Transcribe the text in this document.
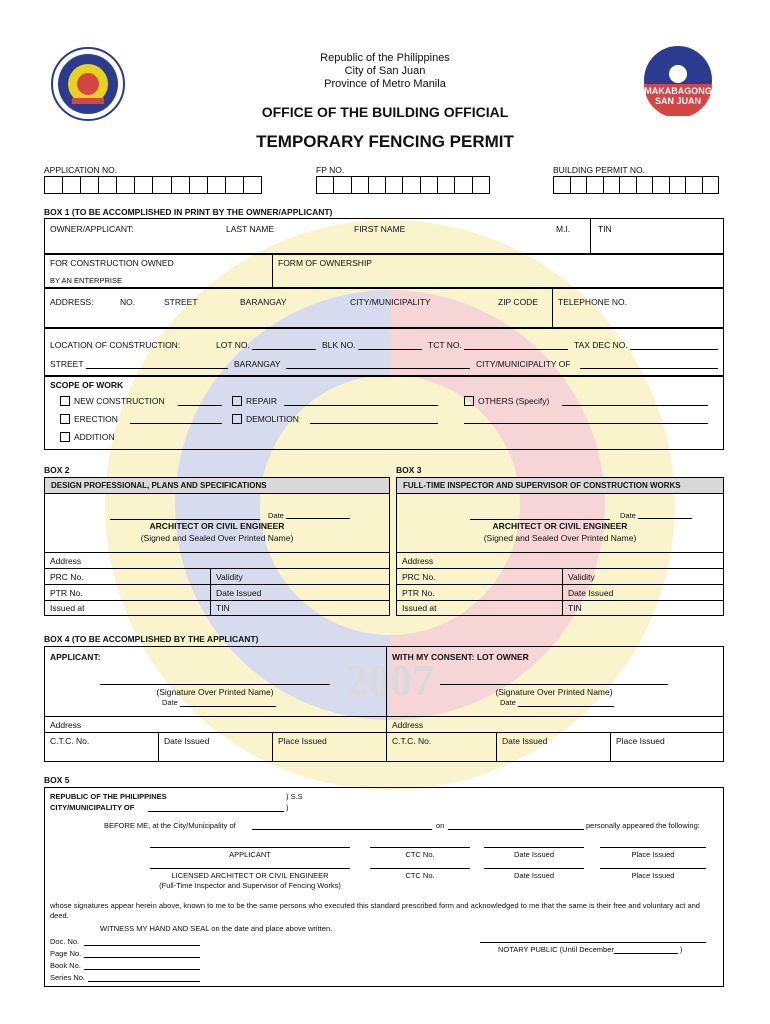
2007
MAKABAGONG
SAN JUAN
Republic of the Philippines
City of San Juan
Province of Metro Manila
OFFICE OF THE BUILDING OFFICIAL
TEMPORARY FENCING PERMIT
APPLICATION NO.	FP NO.	BUILDING PERMIT NO.
BOX 1 (TO BE ACCOMPLISHED IN PRINT BY THE OWNER/APPLICANT)
OWNER/APPLICANT:	LAST NAME	FIRST NAME	M.I.	TIN
FOR CONSTRUCTION OWNED
BY AN ENTERPRISE
FORM OF OWNERSHIP
ADDRESS:	NO.	STREET	BARANGAY	CITY/MUNICIPALITY	ZIP CODE TELEPHONE NO.
LOCATION OF CONSTRUCTION:	LOT NO.	BLK NO.	TCT NO.	TAX DEC NO.
STREET	BARANGAY	CITY/MUNICIPALITY OF
SCOPE OF WORK
NEW CONSTRUCTION
ERECTION
ADDITION
REPAIR
DEMOLITION
OTHERS (Specify)
BOX 2
DESIGN PROFESSIONAL, PLANS AND SPECIFICATIONS
Date
ARCHITECT OR CIVIL ENGINEER
(Signed and Sealed Over Printed Name)
Address
PRC No.	Validity
PTR No.	Date Issued
Issued at	TIN
BOX 3
FULL-TIME INSPECTOR AND SUPERVISOR OF CONSTRUCTION WORKS
Date
ARCHITECT OR CIVIL ENGINEER
(Signed and Sealed Over Printed Name)
Address
PRC No.	Validity
PTR No.	Date Issued
Issued at	TIN
BOX 4 (TO BE ACCOMPLISHED BY THE APPLICANT)
APPLICANT:	WITH MY CONSENT: LOT OWNER
(Signature Over Printed Name)	(Signature Over Printed Name)
Date	Date
Address	Address
C.T.C. No.	Date Issued	Place Issued	C.T.C. No.	Date Issued	Place Issued
BOX 5
REPUBLIC OF THE PHILIPPINES
CITY/MUNICIPALITY OF
) S.S
)
BEFORE ME, at the City/Municipality of	on	personally appeared the following:
APPLICANT	CTC No.	Date Issued	Place Issued
LICENSED ARCHITECT OR CIVIL ENGINEER
(Full-Time Inspector and Supervisor of Fencing Works)
CTC No.	Date Issued	Place Issued
whose signatures appear herein above, known to me to be the same persons who executed this standard prescribed form and acknowledged to me that the same is their free and voluntary act and deed.
WITNESS MY HAND AND SEAL on the date and place above written.
Doc. No.
Page No.
Book No.
Series No.
NOTARY PUBLIC (Until December	)
